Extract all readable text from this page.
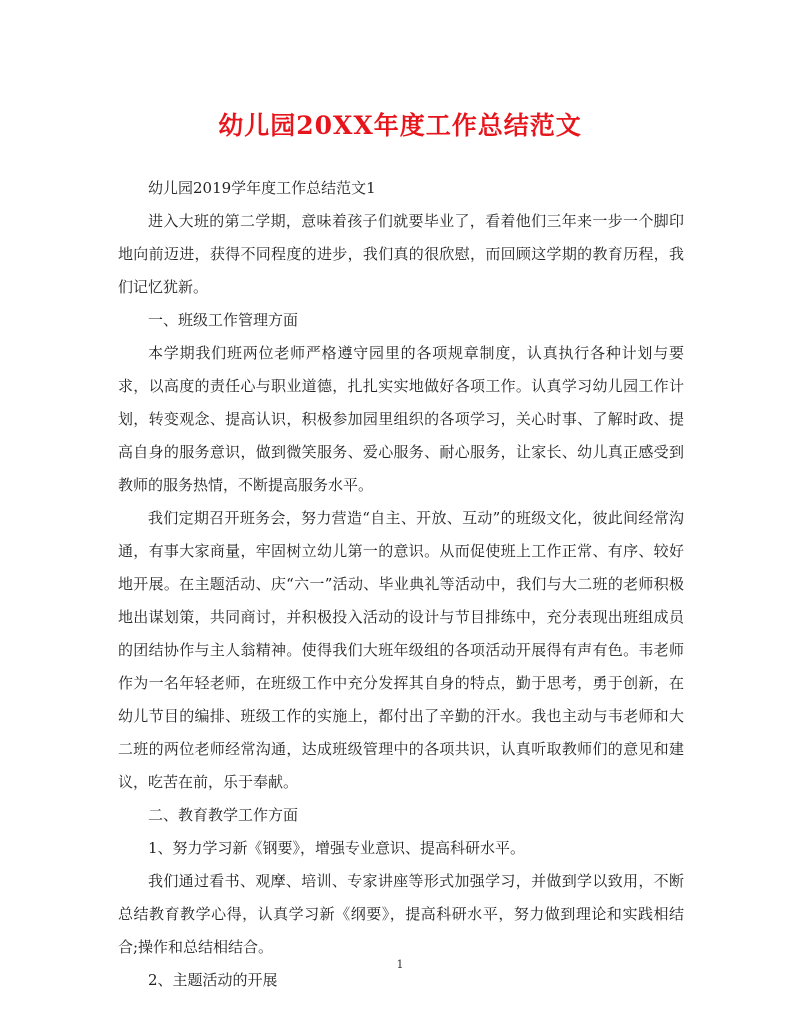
幼儿园20XX年度工作总结范文

幼儿园2019学年度工作总结范文1

进入大班的第二学期，意味着孩子们就要毕业了，看着他们三年来一步一个脚印地向前迈进，获得不同程度的进步，我们真的很欣慰，而回顾这学期的教育历程，我们记忆犹新。

一、班级工作管理方面

本学期我们班两位老师严格遵守园里的各项规章制度，认真执行各种计划与要求，以高度的责任心与职业道德，扎扎实实地做好各项工作。认真学习幼儿园工作计划，转变观念、提高认识，积极参加园里组织的各项学习，关心时事、了解时政、提高自身的服务意识，做到微笑服务、爱心服务、耐心服务，让家长、幼儿真正感受到教师的服务热情，不断提高服务水平。

我们定期召开班务会，努力营造“自主、开放、互动”的班级文化，彼此间经常沟通，有事大家商量，牢固树立幼儿第一的意识。从而促使班上工作正常、有序、较好地开展。在主题活动、庆“六一”活动、毕业典礼等活动中，我们与大二班的老师积极地出谋划策，共同商讨，并积极投入活动的设计与节目排练中，充分表现出班组成员的团结协作与主人翁精神。使得我们大班年级组的各项活动开展得有声有色。韦老师作为一名年轻老师，在班级工作中充分发挥其自身的特点，勤于思考，勇于创新，在幼儿节目的编排、班级工作的实施上，都付出了辛勤的汗水。我也主动与韦老师和大二班的两位老师经常沟通，达成班级管理中的各项共识，认真听取教师们的意见和建议，吃苦在前，乐于奉献。

二、教育教学工作方面

1、努力学习新《钢要》，增强专业意识、提高科研水平。

我们通过看书、观摩、培训、专家讲座等形式加强学习，并做到学以致用，不断总结教育教学心得，认真学习新《纲要》，提高科研水平，努力做到理论和实践相结合;操作和总结相结合。

2、主题活动的开展

1
